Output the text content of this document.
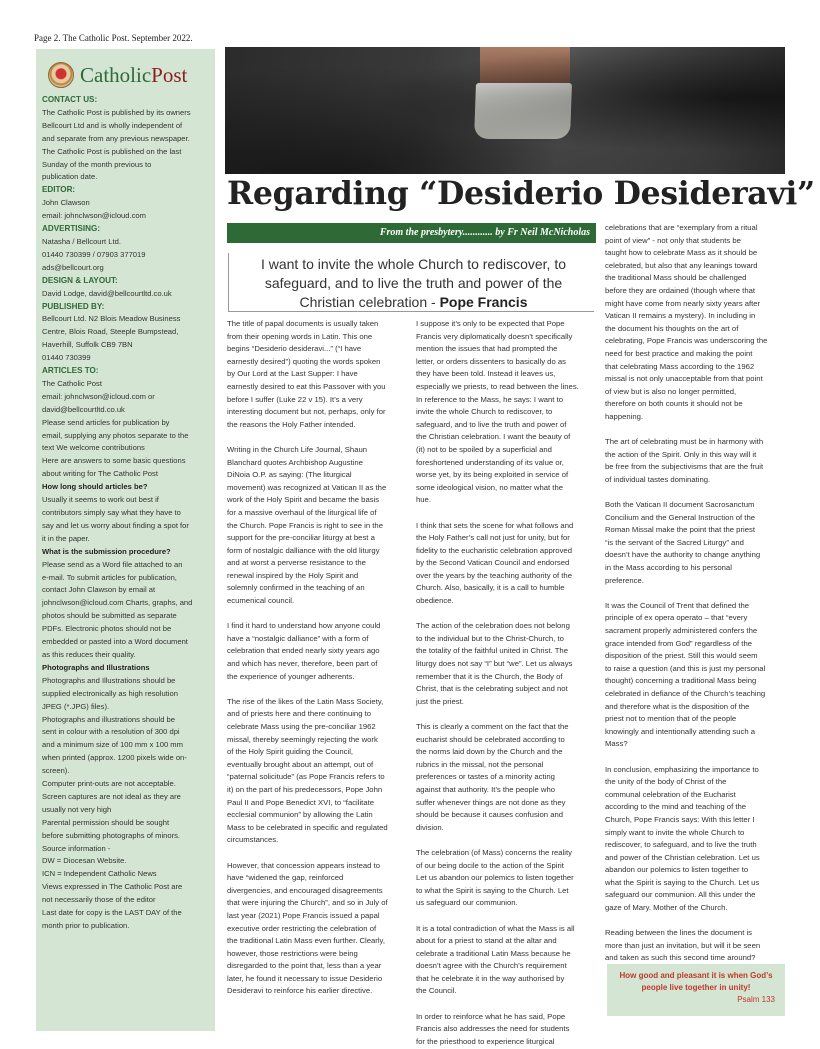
Page 2. The Catholic Post. September 2022.
CatholicPost
CONTACT US:
The Catholic Post is published by its owners
Bellcourt Ltd and is wholly independent of
and separate from any previous newspaper.
The Catholic Post is published on the last
Sunday of the month previous to
publication date.
EDITOR:
John Clawson
email: johnclwson@icloud.com
ADVERTISING:
Natasha / Bellcourt Ltd.
01440 730399 / 07903 377019
ads@bellcourt.org
DESIGN & LAYOUT:
David Lodge, david@bellcourtltd.co.uk
PUBLISHED BY:
Bellcourt Ltd. N2 Blois Meadow Business
Centre, Blois Road, Steeple Bumpstead,
Haverhill, Suffolk CB9 7BN
01440 730399
ARTICLES TO:
The Catholic Post
email: johnclwson@icloud.com or
david@bellcourtltd.co.uk
Please send articles for publication by
email, supplying any photos separate to the
text We welcome contributions
Here are answers to some basic questions
about writing for The Catholic Post
How long should articles be?
Usually it seems to work out best if
contributors simply say what they have to
say and let us worry about finding a spot for
it in the paper.
What is the submission procedure?
Please send as a Word file attached to an
e-mail. To submit articles for publication,
contact John Clawson by email at
johnclwson@icloud.com Charts, graphs, and
photos should be submitted as separate
PDFs. Electronic photos should not be
embedded or pasted into a Word document
as this reduces their quality.
Photographs and Illustrations
Photographs and Illustrations should be
supplied electronically as high resolution
JPEG (*.JPG) files).
Photographs and illustrations should be
sent in colour with a resolution of 300 dpi
and a minimum size of 100 mm x 100 mm
when printed (approx. 1200 pixels wide on-
screen).
Computer print-outs are not acceptable.
Screen captures are not ideal as they are
usually not very high
Parental permission should be sought
before submitting photographs of minors.
Source information -
DW = Diocesan Website.
ICN = Independent Catholic News
Views expressed in The Catholic Post are
not necessarily those of the editor
Last date for copy is the LAST DAY of the
month prior to publication.
Regarding “Desiderio Desideravi”
From the presbytery............ by Fr Neil McNicholas
I want to invite the whole Church to rediscover, to
safeguard, and to live the truth and power of the
Christian celebration - Pope Francis
The title of papal documents is usually taken
from their opening words in Latin. This one
begins “Desiderio desideravi...” (“I have
earnestly desired”) quoting the words spoken
by Our Lord at the Last Supper: I have
earnestly desired to eat this Passover with you
before I suffer (Luke 22 v 15). It’s a very
interesting document but not, perhaps, only for
the reasons the Holy Father intended.
Writing in the Church Life Journal, Shaun
Blanchard quotes Archbishop Augustine
DiNoia O.P. as saying: (The liturgical
movement) was recognized at Vatican II as the
work of the Holy Spirit and became the basis
for a massive overhaul of the liturgical life of
the Church. Pope Francis is right to see in the
support for the pre-conciliar liturgy at best a
form of nostalgic dalliance with the old liturgy
and at worst a perverse resistance to the
renewal inspired by the Holy Spirit and
solemnly confirmed in the teaching of an
ecumenical council.
I find it hard to understand how anyone could
have a “nostalgic dalliance” with a form of
celebration that ended nearly sixty years ago
and which has never, therefore, been part of
the experience of younger adherents.
The rise of the likes of the Latin Mass Society,
and of priests here and there continuing to
celebrate Mass using the pre-conciliar 1962
missal, thereby seemingly rejecting the work
of the Holy Spirit guiding the Council,
eventually brought about an attempt, out of
“paternal solicitude” (as Pope Francis refers to
it) on the part of his predecessors, Pope John
Paul II and Pope Benedict XVI, to “facilitate
ecclesial communion” by allowing the Latin
Mass to be celebrated in specific and regulated
circumstances.
However, that concession appears instead to
have “widened the gap, reinforced
divergencies, and encouraged disagreements
that were injuring the Church”, and so in July of
last year (2021) Pope Francis issued a papal
executive order restricting the celebration of
the traditional Latin Mass even further. Clearly,
however, those restrictions were being
disregarded to the point that, less than a year
later, he found it necessary to issue Desiderio
Desideravi to reinforce his earlier directive.
I suppose it’s only to be expected that Pope
Francis very diplomatically doesn’t specifically
mention the issues that had prompted the
letter, or orders dissenters to basically do as
they have been told. Instead it leaves us,
especially we priests, to read between the lines.
In reference to the Mass, he says: I want to
invite the whole Church to rediscover, to
safeguard, and to live the truth and power of
the Christian celebration. I want the beauty of
(it) not to be spoiled by a superficial and
foreshortened understanding of its value or,
worse yet, by its being exploited in service of
some ideological vision, no matter what the
hue.
I think that sets the scene for what follows and
the Holy Father’s call not just for unity, but for
fidelity to the eucharistic celebration approved
by the Second Vatican Council and endorsed
over the years by the teaching authority of the
Church. Also, basically, it is a call to humble
obedience.
The action of the celebration does not belong
to the individual but to the Christ-Church, to
the totality of the faithful united in Christ. The
liturgy does not say “I” but “we”. Let us always
remember that it is the Church, the Body of
Christ, that is the celebrating subject and not
just the priest.
This is clearly a comment on the fact that the
eucharist should be celebrated according to
the norms laid down by the Church and the
rubrics in the missal, not the personal
preferences or tastes of a minority acting
against that authority. It’s the people who
suffer whenever things are not done as they
should be because it causes confusion and
division.
The celebration (of Mass) concerns the reality
of our being docile to the action of the Spirit
Let us abandon our polemics to listen together
to what the Spirit is saying to the Church. Let
us safeguard our communion.
It is a total contradiction of what the Mass is all
about for a priest to stand at the altar and
celebrate a traditional Latin Mass because he
doesn’t agree with the Church’s requirement
that he celebrate it in the way authorised by
the Council.
In order to reinforce what he has said, Pope
Francis also addresses the need for students
for the priesthood to experience liturgical
celebrations that are “exemplary from a ritual
point of view” - not only that students be
taught how to celebrate Mass as it should be
celebrated, but also that any leanings toward
the traditional Mass should be challenged
before they are ordained (though where that
might have come from nearly sixty years after
Vatican II remains a mystery). In including in
the document his thoughts on the art of
celebrating, Pope Francis was underscoring the
need for best practice and making the point
that celebrating Mass according to the 1962
missal is not only unacceptable from that point
of view but is also no longer permitted,
therefore on both counts it should not be
happening.
The art of celebrating must be in harmony with
the action of the Spirit. Only in this way will it
be free from the subjectivisms that are the fruit
of individual tastes dominating.
Both the Vatican II document Sacrosanctum
Concilium and the General Instruction of the
Roman Missal make the point that the priest
“is the servant of the Sacred Liturgy” and
doesn’t have the authority to change anything
in the Mass according to his personal
preference.
It was the Council of Trent that defined the
principle of ex opera operato – that “every
sacrament properly administered confers the
grace intended from God” regardless of the
disposition of the priest. Still this would seem
to raise a question (and this is just my personal
thought) concerning a traditional Mass being
celebrated in defiance of the Church’s teaching
and therefore what is the disposition of the
priest not to mention that of the people
knowingly and intentionally attending such a
Mass?
In conclusion, emphasizing the importance to
the unity of the body of Christ of the
communal celebration of the Eucharist
according to the mind and teaching of the
Church, Pope Francis says: With this letter I
simply want to invite the whole Church to
rediscover, to safeguard, and to live the truth
and power of the Christian celebration. Let us
abandon our polemics to listen together to
what the Spirit is saying to the Church. Let us
safeguard our communion. All this under the
gaze of Mary. Mother of the Church.
Reading between the lines the document is
more than just an invitation, but will it be seen
and taken as such this second time around?
How good and pleasant it is when God’s
people live together in unity!
Psalm 133
